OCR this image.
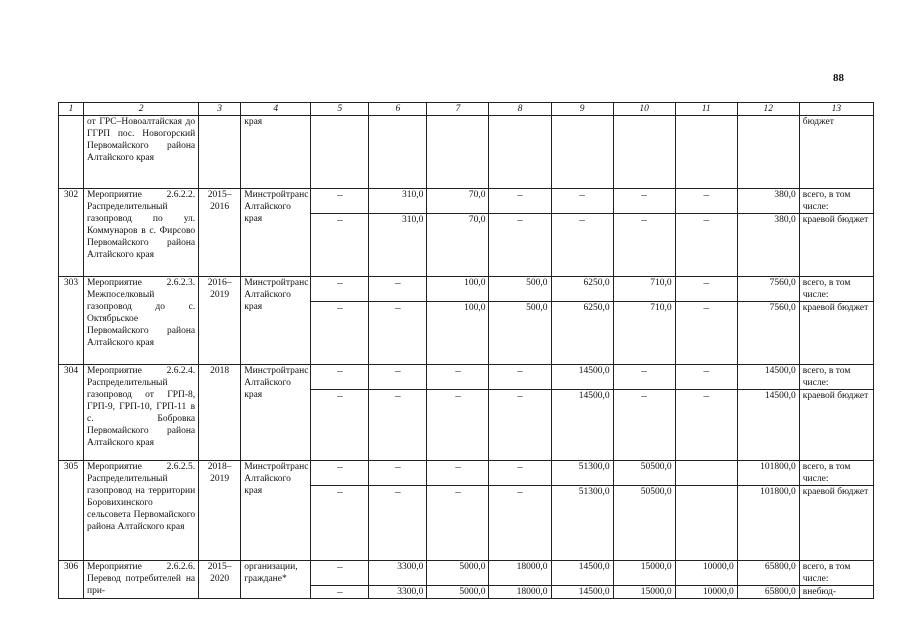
88
1	2	3	4	5	6	7	8	9	10	11	12	13
	от ГРС–Новоалтайская до ГГРП пос. Новогорский Первомайского района Алтайского края		края									бюджет
302	Мероприятие 2.6.2.2. Распределительный газопровод по ул. Коммунаров в с. Фирсово Первомайского района Алтайского края	2015–2016	Минстройтранс Алтайского края	–	310,0	70,0	–	–	–	–	380,0	всего, в том числе:
				–	310,0	70,0	–	–	–	–	380,0	краевой бюджет
303	Мероприятие 2.6.2.3. Межпоселковый газопровод до с. Октябрьское Первомайского района Алтайского края	2016–2019	Минстройтранс Алтайского края	–	–	100,0	500,0	6250,0	710,0	–	7560,0	всего, в том числе:
				–	–	100,0	500,0	6250,0	710,0	–	7560,0	краевой бюджет
304	Мероприятие 2.6.2.4. Распределительный газопровод от ГРП-8, ГРП-9, ГРП-10, ГРП-11 в с. Бобровка Первомайского района Алтайского края	2018	Минстройтранс Алтайского края	–	–	–	–	14500,0	–	–	14500,0	всего, в том числе:
				–	–	–	–	14500,0	–	–	14500,0	краевой бюджет
305	Мероприятие 2.6.2.5. Распределительный газопровод на территории Боровихинского сельсовета Первомайского района Алтайского края	2018–2019	Минстройтранс Алтайского края	–	–	–	–	51300,0	50500,0		101800,0	всего, в том числе:
				–	–	–	–	51300,0	50500,0		101800,0	краевой бюджет
306	Мероприятие 2.6.2.6. Перевод потребителей на при-	2015–2020	организации, граждане*	–	3300,0	5000,0	18000,0	14500,0	15000,0	10000,0	65800,0	всего, в том числе:
				–	3300,0	5000,0	18000,0	14500,0	15000,0	10000,0	65800,0	внебюд-
